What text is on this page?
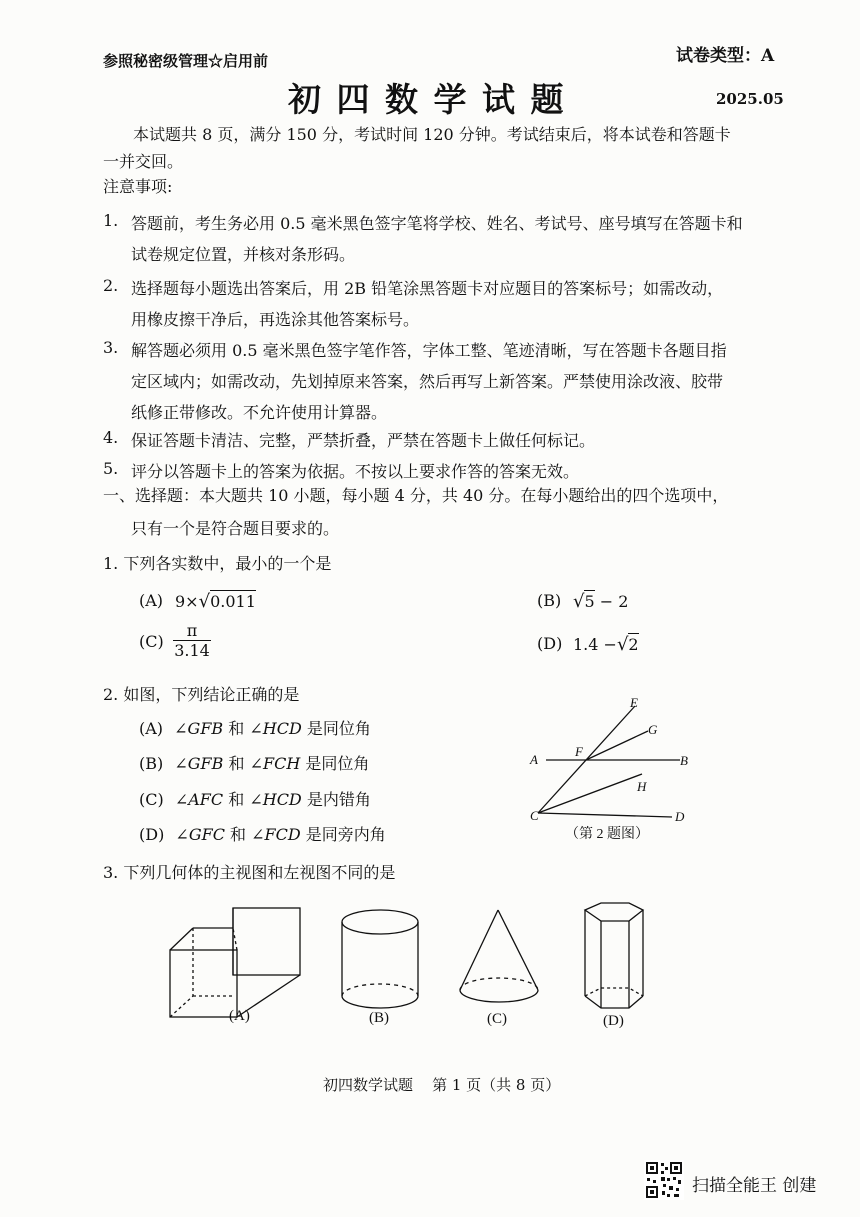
参照秘密级管理☆启用前	试卷类型：A
初 四 数 学 试 题	2025.05
本试题共 8 页，满分 150 分，考试时间 120 分钟。考试结束后，将本试卷和答题卡
一并交回。
注意事项:
1. 答题前，考生务必用 0.5 毫米黑色签字笔将学校、姓名、考试号、座号填写在答题卡和
试卷规定位置，并核对条形码。
2. 选择题每小题选出答案后，用 2B 铅笔涂黑答题卡对应题目的答案标号；如需改动，
用橡皮擦干净后，再选涂其他答案标号。
3. 解答题必须用 0.5 毫米黑色签字笔作答，字体工整、笔迹清晰，写在答题卡各题目指
定区域内；如需改动，先划掉原来答案，然后再写上新答案。严禁使用涂改液、胶带
纸修正带修改。不允许使用计算器。
4. 保证答题卡清洁、完整，严禁折叠，严禁在答题卡上做任何标记。
5. 评分以答题卡上的答案为依据。不按以上要求作答的答案无效。
一、选择题：本大题共 10 小题，每小题 4 分，共 40 分。在每小题给出的四个选项中，
只有一个是符合题目要求的。
1. 下列各实数中，最小的一个是
(A) 9×√0.011	(B) √5 − 2
$(C) \frac{\pi}{3.14}$	(D) 1.4 −√2
2. 如图，下列结论正确的是
(A) ∠GFB 和 ∠HCD 是同位角
(B) ∠GFB 和 ∠FCH 是同位角
(C) ∠AFC 和 ∠HCD 是内错角
(D) ∠GFC 和 ∠FCD 是同旁内角
E
G
F
A	B
H
C	D
（第 2 题图）
3. 下列几何体的主视图和左视图不同的是
(A)	(B)	(C)	(D)
初四数学试题    第 1 页（共 8 页）
扫描全能王 创建
